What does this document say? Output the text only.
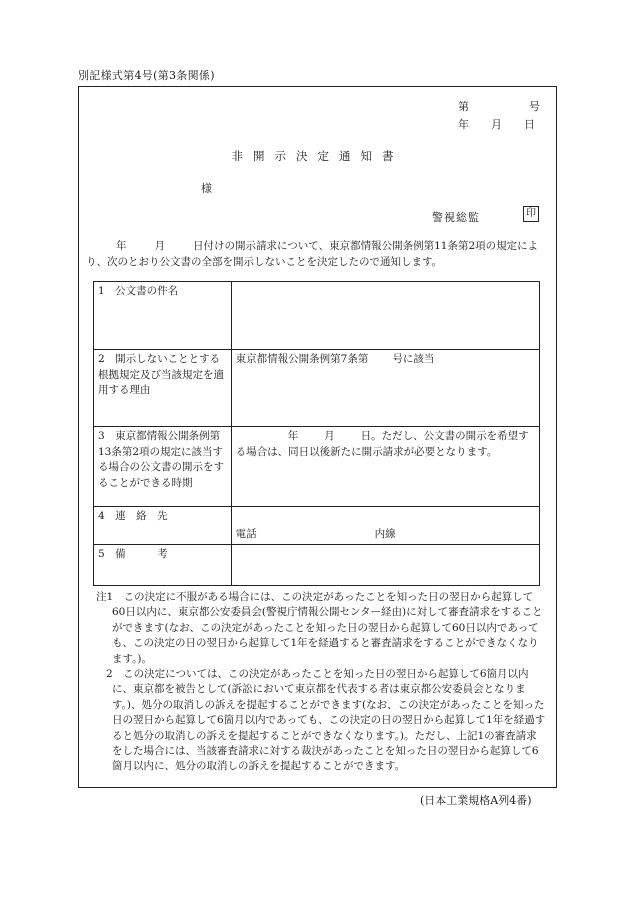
別記様式第4号(第3条関係)
第	号
年 月 日
非開示決定通知書
様
警視総監	印
年	月	日付けの開示請求について、東京都情報公開条例第11条第2項の規定により、次のとおり公文書の全部を開示しないことを決定したので通知します。
1　公文書の件名	
2　開示しないこととする根拠規定及び当該規定を適用する理由	東京都情報公開条例第7条第 号に該当
3　東京都情報公開条例第13条第2項の規定に該当する場合の公文書の開示をすることができる時期	年 月 日。ただし、公文書の開示を希望する場合は、同日以後新たに開示請求が必要となります。
4　連　絡　先	電話 内線
5　備　　　考	
注1　この決定に不服がある場合には、この決定があったことを知った日の翌日から起算して60日以内に、東京都公安委員会(警視庁情報公開センター経由)に対して審査請求をすることができます(なお、この決定があったことを知った日の翌日から起算して60日以内であっても、この決定の日の翌日から起算して1年を経過すると審査請求をすることができなくなります。)。
2　この決定については、この決定があったことを知った日の翌日から起算して6箇月以内に、東京都を被告として(訴訟において東京都を代表する者は東京都公安委員会となります。)、処分の取消しの訴えを提起することができます(なお、この決定があったことを知った日の翌日から起算して6箇月以内であっても、この決定の日の翌日から起算して1年を経過すると処分の取消しの訴えを提起することができなくなります。)。ただし、上記1の審査請求をした場合には、当該審査請求に対する裁決があったことを知った日の翌日から起算して6箇月以内に、処分の取消しの訴えを提起することができます。
(日本工業規格A列4番)
